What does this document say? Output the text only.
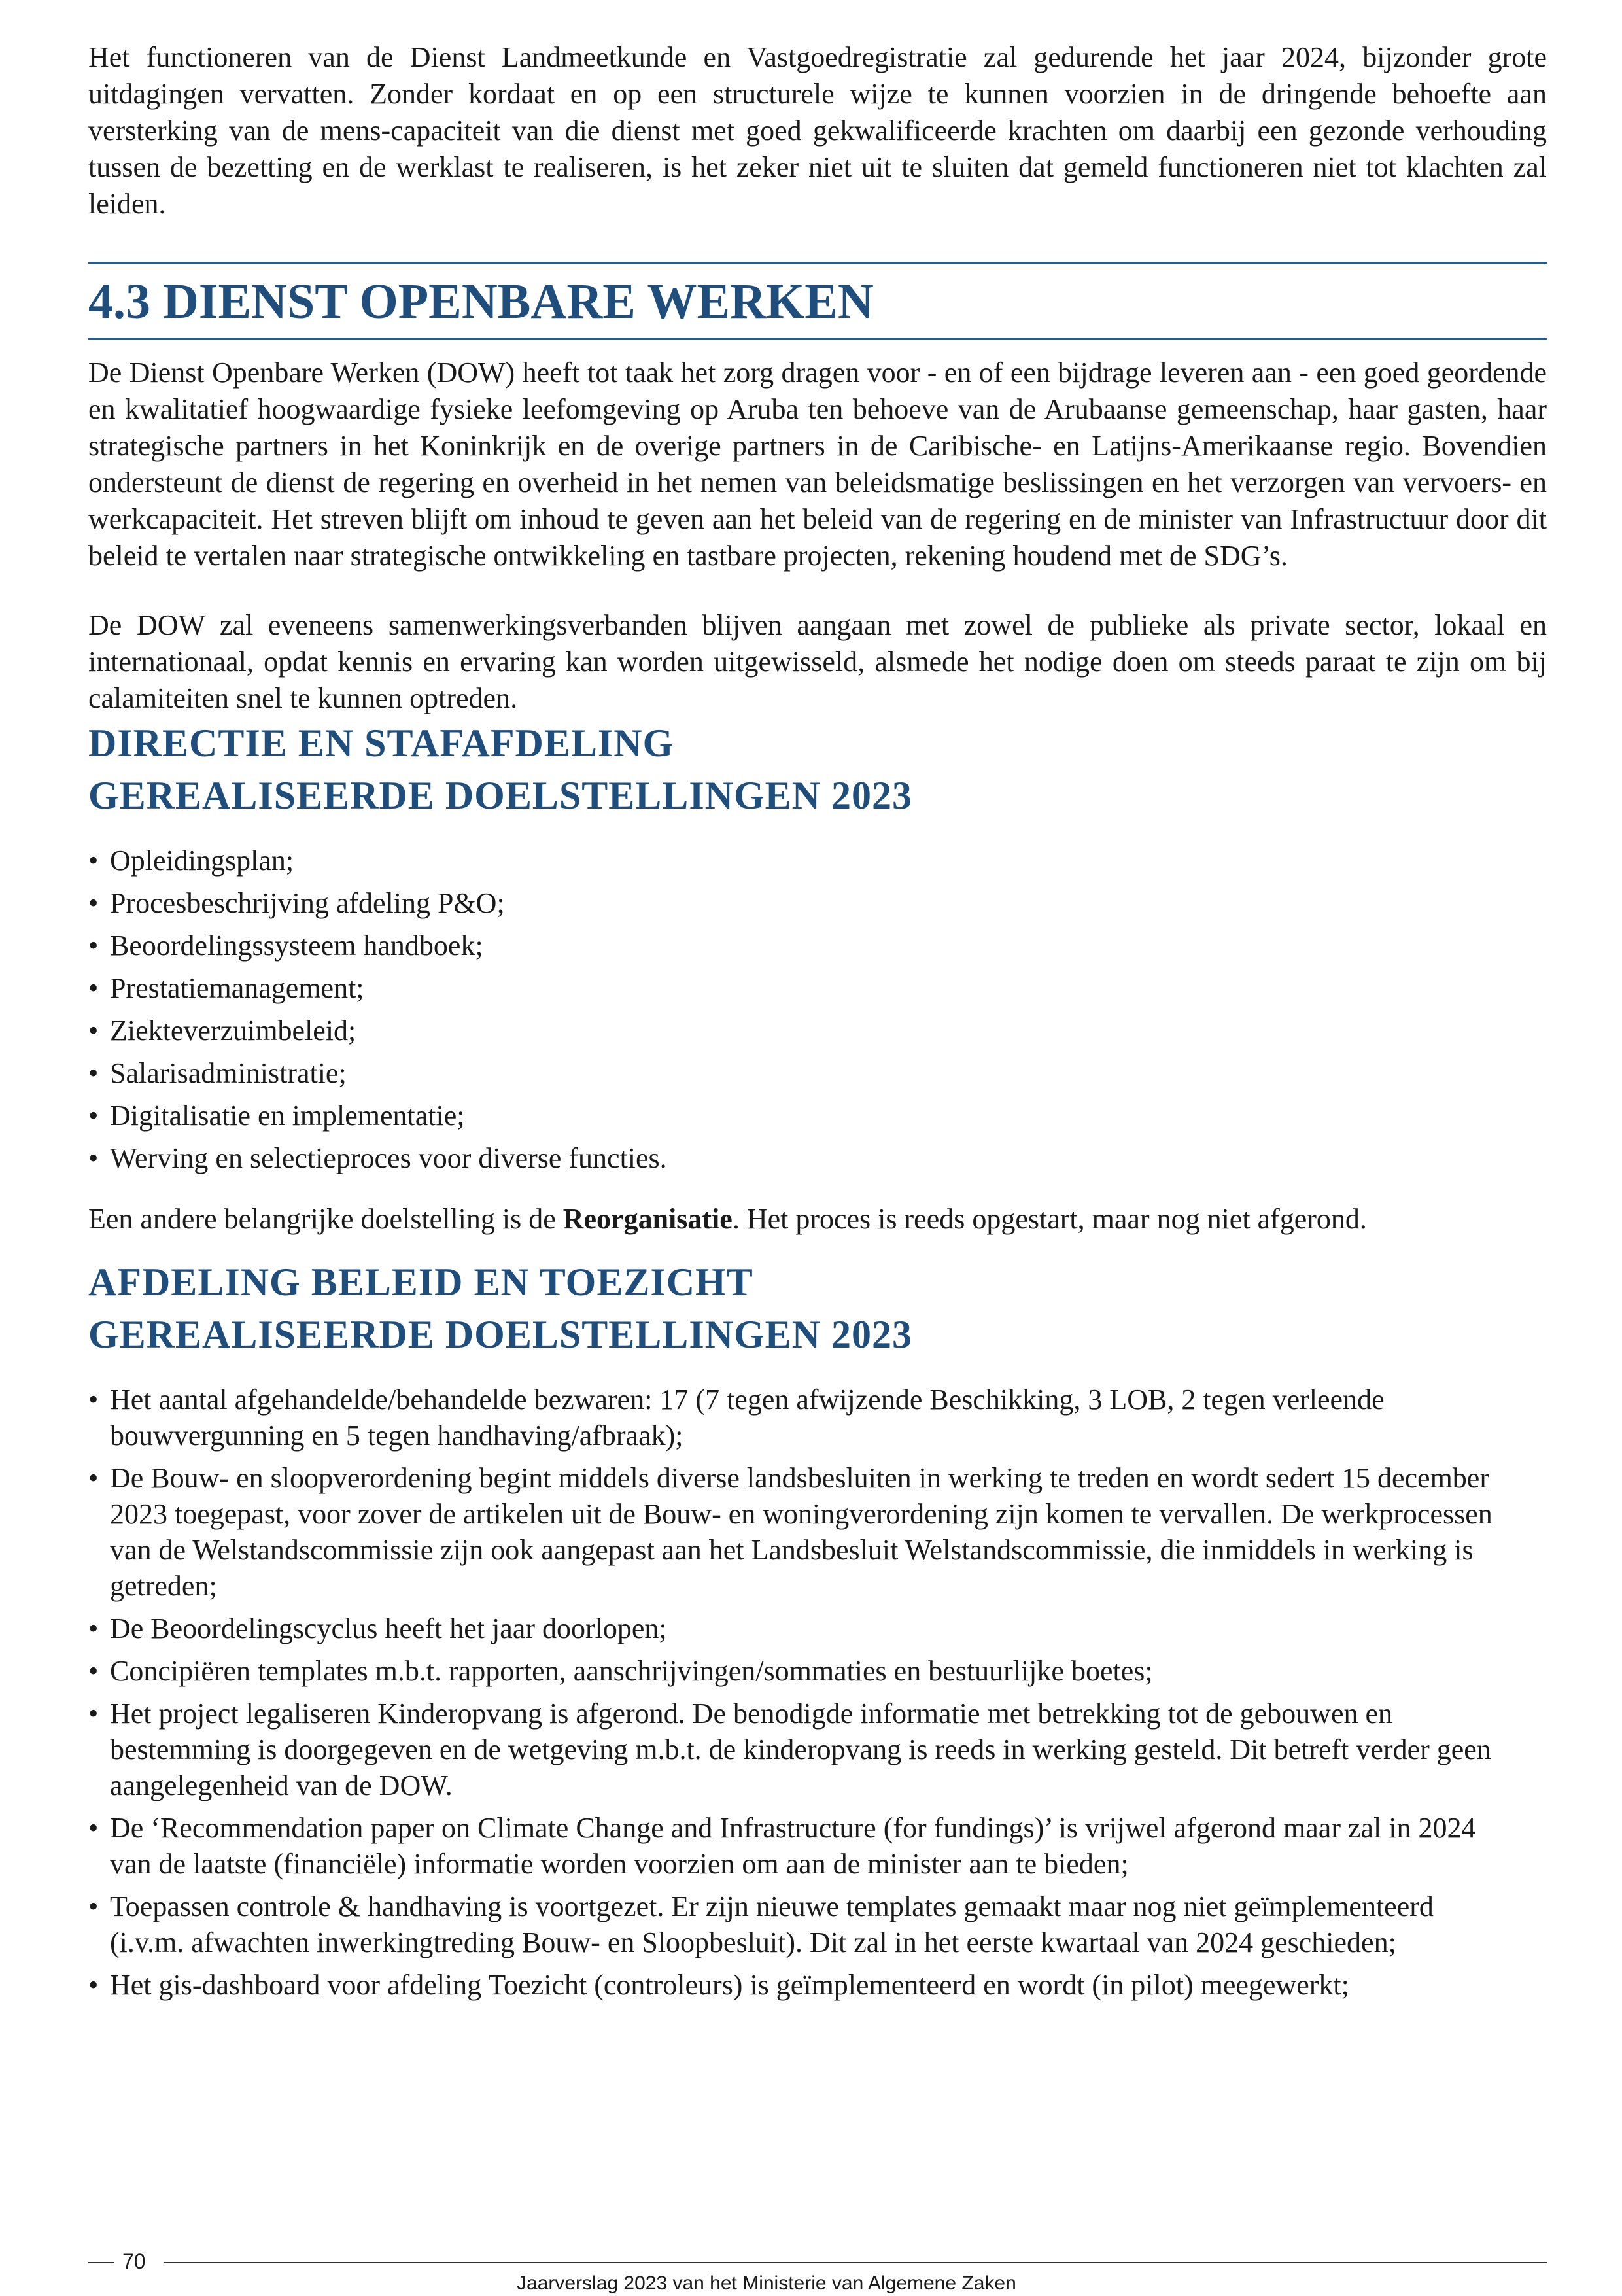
Het functioneren van de Dienst Landmeetkunde en Vastgoedregistratie zal gedurende het jaar 2024, bijzonder grote uitdagingen vervatten. Zonder kordaat en op een structurele wijze te kunnen voorzien in de dringende behoefte aan versterking van de mens-capaciteit van die dienst met goed gekwalificeerde krachten om daarbij een gezonde verhouding tussen de bezetting en de werklast te realiseren, is het zeker niet uit te sluiten dat gemeld functioneren niet tot klachten zal leiden.

4.3 DIENST OPENBARE WERKEN

De Dienst Openbare Werken (DOW) heeft tot taak het zorg dragen voor - en of een bijdrage leveren aan - een goed geordende en kwalitatief hoogwaardige fysieke leefomgeving op Aruba ten behoeve van de Arubaanse gemeenschap, haar gasten, haar strategische partners in het Koninkrijk en de overige partners in de Caribische- en Latijns-Amerikaanse regio. Bovendien ondersteunt de dienst de regering en overheid in het nemen van beleidsmatige beslissingen en het verzorgen van vervoers- en werkcapaciteit. Het streven blijft om inhoud te geven aan het beleid van de regering en de minister van Infrastructuur door dit beleid te vertalen naar strategische ontwikkeling en tastbare projecten, rekening houdend met de SDG’s.

De DOW zal eveneens samenwerkingsverbanden blijven aangaan met zowel de publieke als private sector, lokaal en internationaal, opdat kennis en ervaring kan worden uitgewisseld, alsmede het nodige doen om steeds paraat te zijn om bij calamiteiten snel te kunnen optreden.

DIRECTIE EN STAFAFDELING
GEREALISEERDE DOELSTELLINGEN 2023
• Opleidingsplan;
• Procesbeschrijving afdeling P&O;
• Beoordelingssysteem handboek;
• Prestatiemanagement;
• Ziekteverzuimbeleid;
• Salarisadministratie;
• Digitalisatie en implementatie;
• Werving en selectieproces voor diverse functies.

Een andere belangrijke doelstelling is de Reorganisatie. Het proces is reeds opgestart, maar nog niet afgerond.

AFDELING BELEID EN TOEZICHT
GEREALISEERDE DOELSTELLINGEN 2023
• Het aantal afgehandelde/behandelde bezwaren: 17 (7 tegen afwijzende Beschikking, 3 LOB, 2 tegen verleende bouwvergunning en 5 tegen handhaving/afbraak);
• De Bouw- en sloopverordening begint middels diverse landsbesluiten in werking te treden en wordt sedert 15 december 2023 toegepast, voor zover de artikelen uit de Bouw- en woningverordening zijn komen te vervallen. De werkprocessen van de Welstandscommissie zijn ook aangepast aan het Landsbesluit Welstandscommissie, die inmiddels in werking is getreden;
• De Beoordelingscyclus heeft het jaar doorlopen;
• Concipiëren templates m.b.t. rapporten, aanschrijvingen/sommaties en bestuurlijke boetes;
• Het project legaliseren Kinderopvang is afgerond. De benodigde informatie met betrekking tot de gebouwen en bestemming is doorgegeven en de wetgeving m.b.t. de kinderopvang is reeds in werking gesteld. Dit betreft verder geen aangelegenheid van de DOW.
• De ‘Recommendation paper on Climate Change and Infrastructure (for fundings)’ is vrijwel afgerond maar zal in 2024 van de laatste (financiële) informatie worden voorzien om aan de minister aan te bieden;
• Toepassen controle & handhaving is voortgezet. Er zijn nieuwe templates gemaakt maar nog niet geïmplementeerd (i.v.m. afwachten inwerkingtreding Bouw- en Sloopbesluit). Dit zal in het eerste kwartaal van 2024 geschieden;
• Het gis-dashboard voor afdeling Toezicht (controleurs) is geïmplementeerd en wordt (in pilot) meegewerkt;
70
Jaarverslag 2023 van het Ministerie van Algemene Zaken
